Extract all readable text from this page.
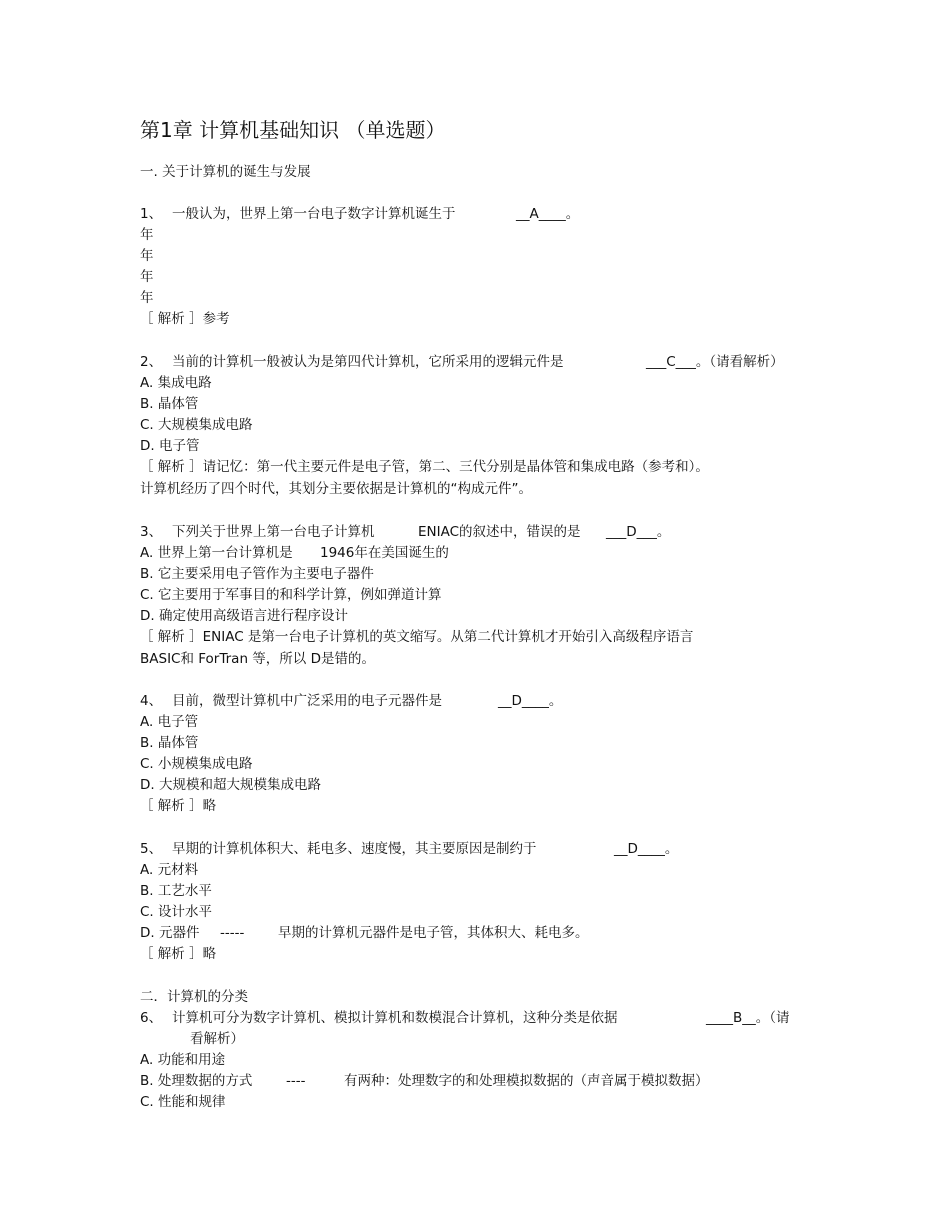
第1章 计算机基础知识 （单选题）
一. 关于计算机的诞生与发展
1、 一般认为，世界上第一台电子数字计算机诞生于	__A____。
年
年
年
年
［ 解析 ］参考
2、 当前的计算机一般被认为是第四代计算机，它所采用的逻辑元件是	___C___。（请看解析）
A. 集成电路
B. 晶体管
C. 大规模集成电路
D. 电子管
［ 解析 ］请记忆：第一代主要元件是电子管，第二、三代分别是晶体管和集成电路（参考和）。
计算机经历了四个时代，其划分主要依据是计算机的“构成元件”。
3、 下列关于世界上第一台电子计算机	ENIAC的叙述中，错误的是 ___D___。
A. 世界上第一台计算机是 1946年在美国诞生的
B. 它主要采用电子管作为主要电子器件
C. 它主要用于军事目的和科学计算，例如弹道计算
D. 确定使用高级语言进行程序设计
［ 解析 ］ENIAC 是第一台电子计算机的英文缩写。从第二代计算机才开始引入高级程序语言
BASIC和 ForTran 等，所以 D是错的。
4、 目前，微型计算机中广泛采用的电子元器件是	__D____。
A. 电子管
B. 晶体管
C. 小规模集成电路
D. 大规模和超大规模集成电路
［ 解析 ］略
5、 早期的计算机体积大、耗电多、速度慢，其主要原因是制约于	__D____。
A. 元材料
B. 工艺水平
C. 设计水平
D. 元器件 ----- 早期的计算机元器件是电子管，其体积大、耗电多。
［ 解析 ］略
二．计算机的分类
6、 计算机可分为数字计算机、模拟计算机和数模混合计算机，这种分类是依据	____B__。（请
看解析）
A. 功能和用途
B. 处理数据的方式 ----	有两种：处理数字的和处理模拟数据的（声音属于模拟数据）
C. 性能和规律
